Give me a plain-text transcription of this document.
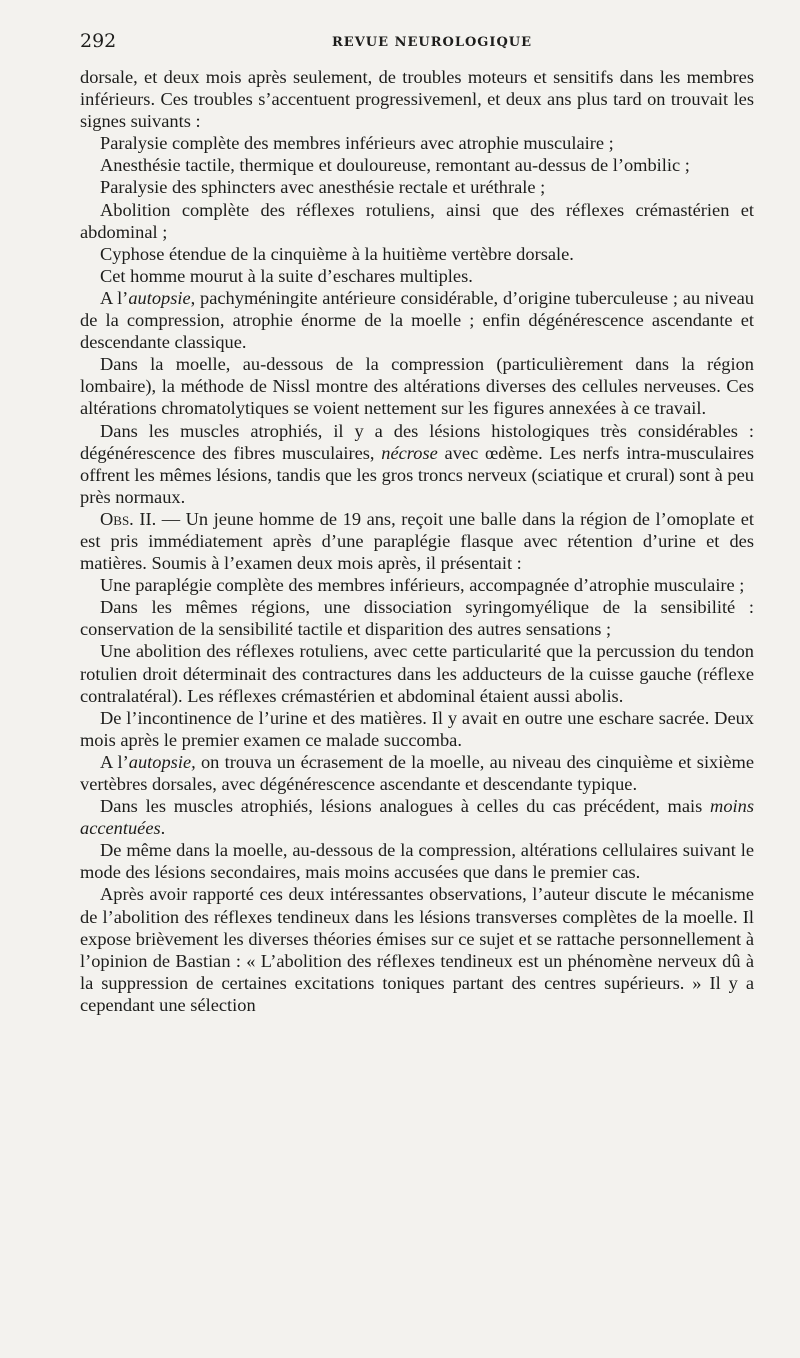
292	REVUE NEUROLOGIQUE

dorsale, et deux mois après seulement, de troubles moteurs et sensitifs dans les membres inférieurs. Ces troubles s’accentuent progressivemenl, et deux ans plus tard on trouvait les signes suivants :

Paralysie complète des membres inférieurs avec atrophie musculaire ;

Anesthésie tactile, thermique et douloureuse, remontant au-dessus de l’ombilic ;

Paralysie des sphincters avec anesthésie rectale et uréthrale ;

Abolition complète des réflexes rotuliens, ainsi que des réflexes crémastérien et abdominal ;

Cyphose étendue de la cinquième à la huitième vertèbre dorsale.

Cet homme mourut à la suite d’eschares multiples.

A l’autopsie, pachyméningite antérieure considérable, d’origine tuberculeuse ; au niveau de la compression, atrophie énorme de la moelle ; enfin dégénérescence ascendante et descendante classique.

Dans la moelle, au-dessous de la compression (particulièrement dans la région lombaire), la méthode de Nissl montre des altérations diverses des cellules nerveuses. Ces altérations chromatolytiques se voient nettement sur les figures annexées à ce travail.

Dans les muscles atrophiés, il y a des lésions histologiques très considérables : dégénérescence des fibres musculaires, nécrose avec œdème. Les nerfs intra-musculaires offrent les mêmes lésions, tandis que les gros troncs nerveux (sciatique et crural) sont à peu près normaux.

Obs. II. — Un jeune homme de 19 ans, reçoit une balle dans la région de l’omoplate et est pris immédiatement après d’une paraplégie flasque avec rétention d’urine et des matières. Soumis à l’examen deux mois après, il présentait :

Une paraplégie complète des membres inférieurs, accompagnée d’atrophie musculaire ;

Dans les mêmes régions, une dissociation syringomyélique de la sensibilité : conservation de la sensibilité tactile et disparition des autres sensations ;

Une abolition des réflexes rotuliens, avec cette particularité que la percussion du tendon rotulien droit déterminait des contractures dans les adducteurs de la cuisse gauche (réflexe contralatéral). Les réflexes crémastérien et abdominal étaient aussi abolis.

De l’incontinence de l’urine et des matières. Il y avait en outre une eschare sacrée. Deux mois après le premier examen ce malade succomba.

A l’autopsie, on trouva un écrasement de la moelle, au niveau des cinquième et sixième vertèbres dorsales, avec dégénérescence ascendante et descendante typique.

Dans les muscles atrophiés, lésions analogues à celles du cas précédent, mais moins accentuées.

De même dans la moelle, au-dessous de la compression, altérations cellulaires suivant le mode des lésions secondaires, mais moins accusées que dans le premier cas.

Après avoir rapporté ces deux intéressantes observations, l’auteur discute le mécanisme de l’abolition des réflexes tendineux dans les lésions transverses complètes de la moelle. Il expose brièvement les diverses théories émises sur ce sujet et se rattache personnellement à l’opinion de Bastian : « L’abolition des réflexes tendineux est un phénomène nerveux dû à la suppression de certaines excitations toniques partant des centres supérieurs. » Il y a cependant une sélection
